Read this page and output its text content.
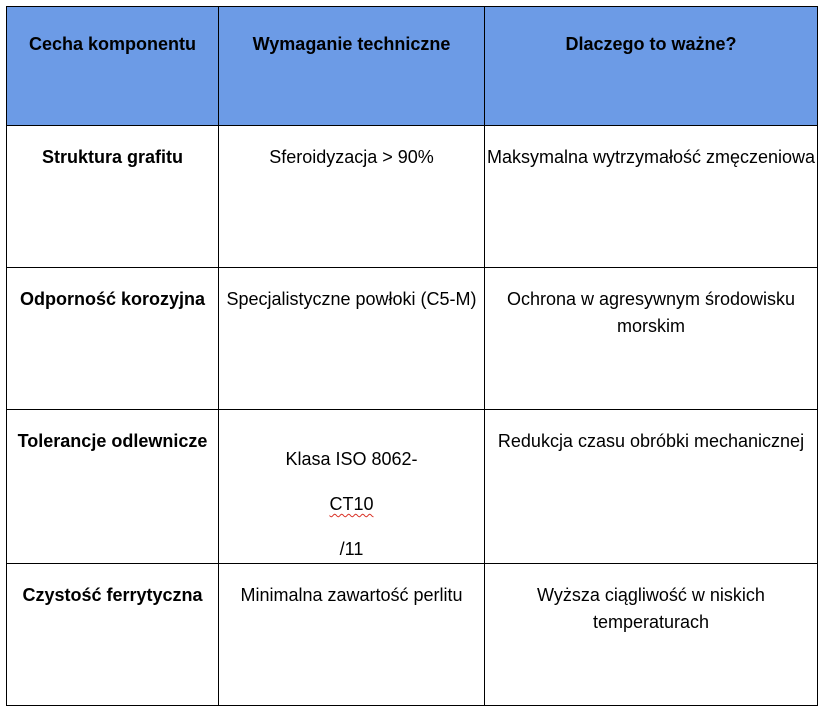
Cecha komponentu	Wymaganie techniczne	Dlaczego to ważne?

Struktura grafitu	Sferoidyzacja > 90%	Maksymalna wytrzymałość zmęczeniowa

Odporność korozyjna	Specjalistyczne powłoki (C5-M)	Ochrona w agresywnym środowisku morskim

Tolerancje odlewnicze	Klasa ISO 8062-
CT10
/11	Redukcja czasu obróbki mechanicznej

Czystość ferrytyczna	Minimalna zawartość perlitu	Wyższa ciągliwość w niskich temperaturach
